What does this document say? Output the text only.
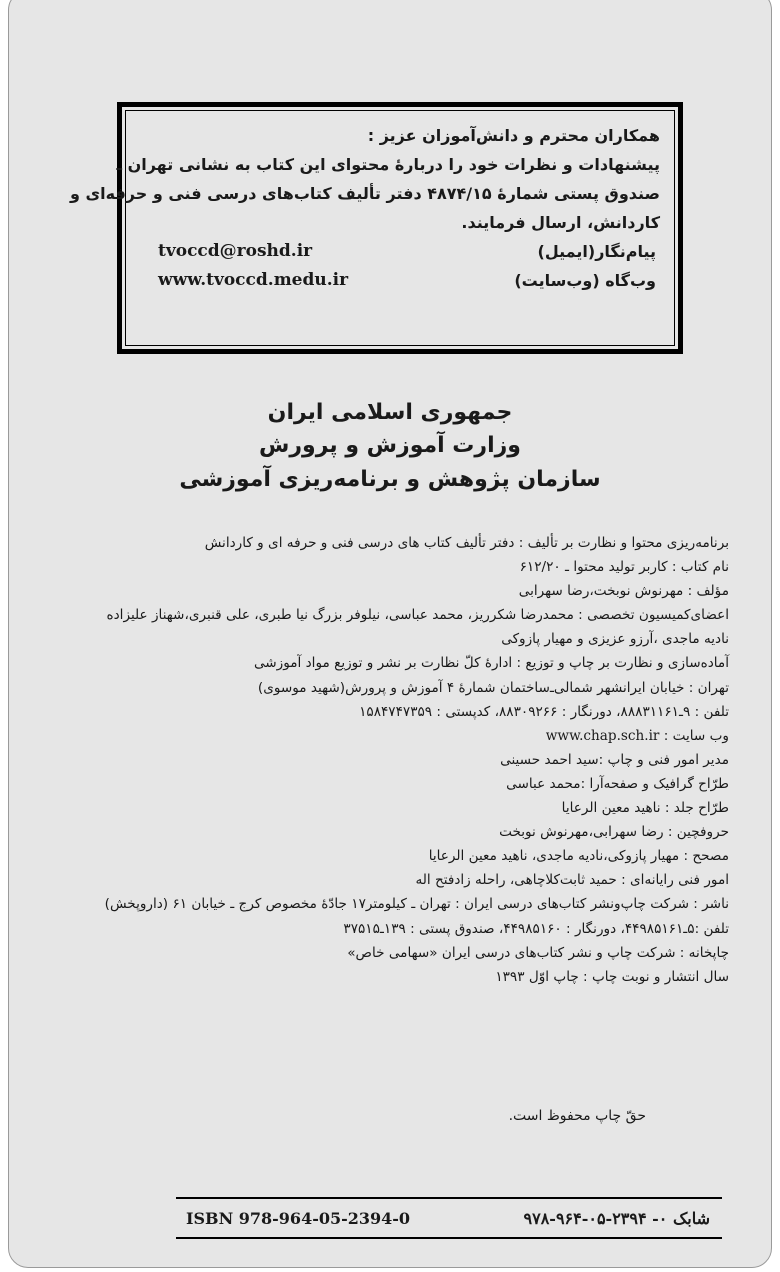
همکاران محترم و دانش‌آموزان عزیز :
پیشنهادات و نظرات خود را دربارهٔ محتوای این کتاب به نشانی تهران ـ
صندوق پستی شمارهٔ ۴۸۷۴/۱۵ دفتر تألیف کتاب‌های درسی فنی و حرفه‌ای و
کاردانش، ارسال فرمایند.
پیام‌نگار(ایمیل)
tvoccd@roshd.ir
وب‌گاه (وب‌سایت)
www.tvoccd.medu.ir
جمهوری اسلامی ایران
وزارت آموزش و پرورش
سازمان پژوهش و برنامه‌ریزی آموزشی
برنامه‌ریزی محتوا و نظارت بر تألیف : دفتر تألیف کتاب های درسی فنی و حرفه ای و کاردانش
نام کتاب : کاربر تولید محتوا ـ ۶۱۲/۲۰
مؤلف : مهرنوش نوبخت،رضا سهرابی
اعضای‌کمیسیون تخصصی : محمدرضا شکرریز، محمد عباسی، نیلوفر بزرگ نیا طبری، علی قنبری،شهناز علیزاده
نادیه ماجدی ،آرزو عزیزی و مهیار پازوکی
آماده‌سازی و نظارت بر چاپ و توزیع : ادارهٔ کلّ نظارت بر نشر و توزیع مواد آموزشی
تهران : خیابان ایرانشهر شمالی‌ـ‌ساختمان شمارهٔ ۴ آموزش و پرورش(شهید موسوی)
تلفن : ۹‌ـ‌۸۸۸۳۱۱۶۱، دورنگار : ۸۸۳۰۹۲۶۶، کدپستی : ۱۵۸۴۷۴۷۳۵۹
وب سایت : www.chap.sch.ir
مدیر امور فنی و چاپ :سید احمد حسینی
طرّاح گرافیک و صفحه‌آرا :محمد عباسی
طرّاح جلد : ناهید معین الرعایا
حروفچین : رضا سهرابی،مهرنوش نوبخت
مصحح : مهیار پازوکی،نادیه ماجدی، ناهید معین الرعایا
امور فنی رایانه‌ای : حمید ثابت‌کلاچاهی، راحله زادفتح اله
ناشر : شرکت چاپ‌ونشر کتاب‌های درسی ایران : تهران ـ کیلومتر۱۷ جادّهٔ مخصوص کرج ـ خیابان ۶۱ (داروپخش)
تلفن :۵‌ـ‌۴۴۹۸۵۱۶۱، دورنگار : ۴۴۹۸۵۱۶۰، صندوق پستی : ۱۳۹‌ـ‌۳۷۵۱۵
چاپخانه : شرکت چاپ و نشر کتاب‌های درسی ایران «سهامی خاص»
سال انتشار و نوبت چاپ : چاپ اوّل ۱۳۹۳
حقّ چاپ محفوظ است.
ISBN 978-964-05-2394-0	شابک ۰- ۲۳۹۴-۰۵-۹۶۴-۹۷۸
